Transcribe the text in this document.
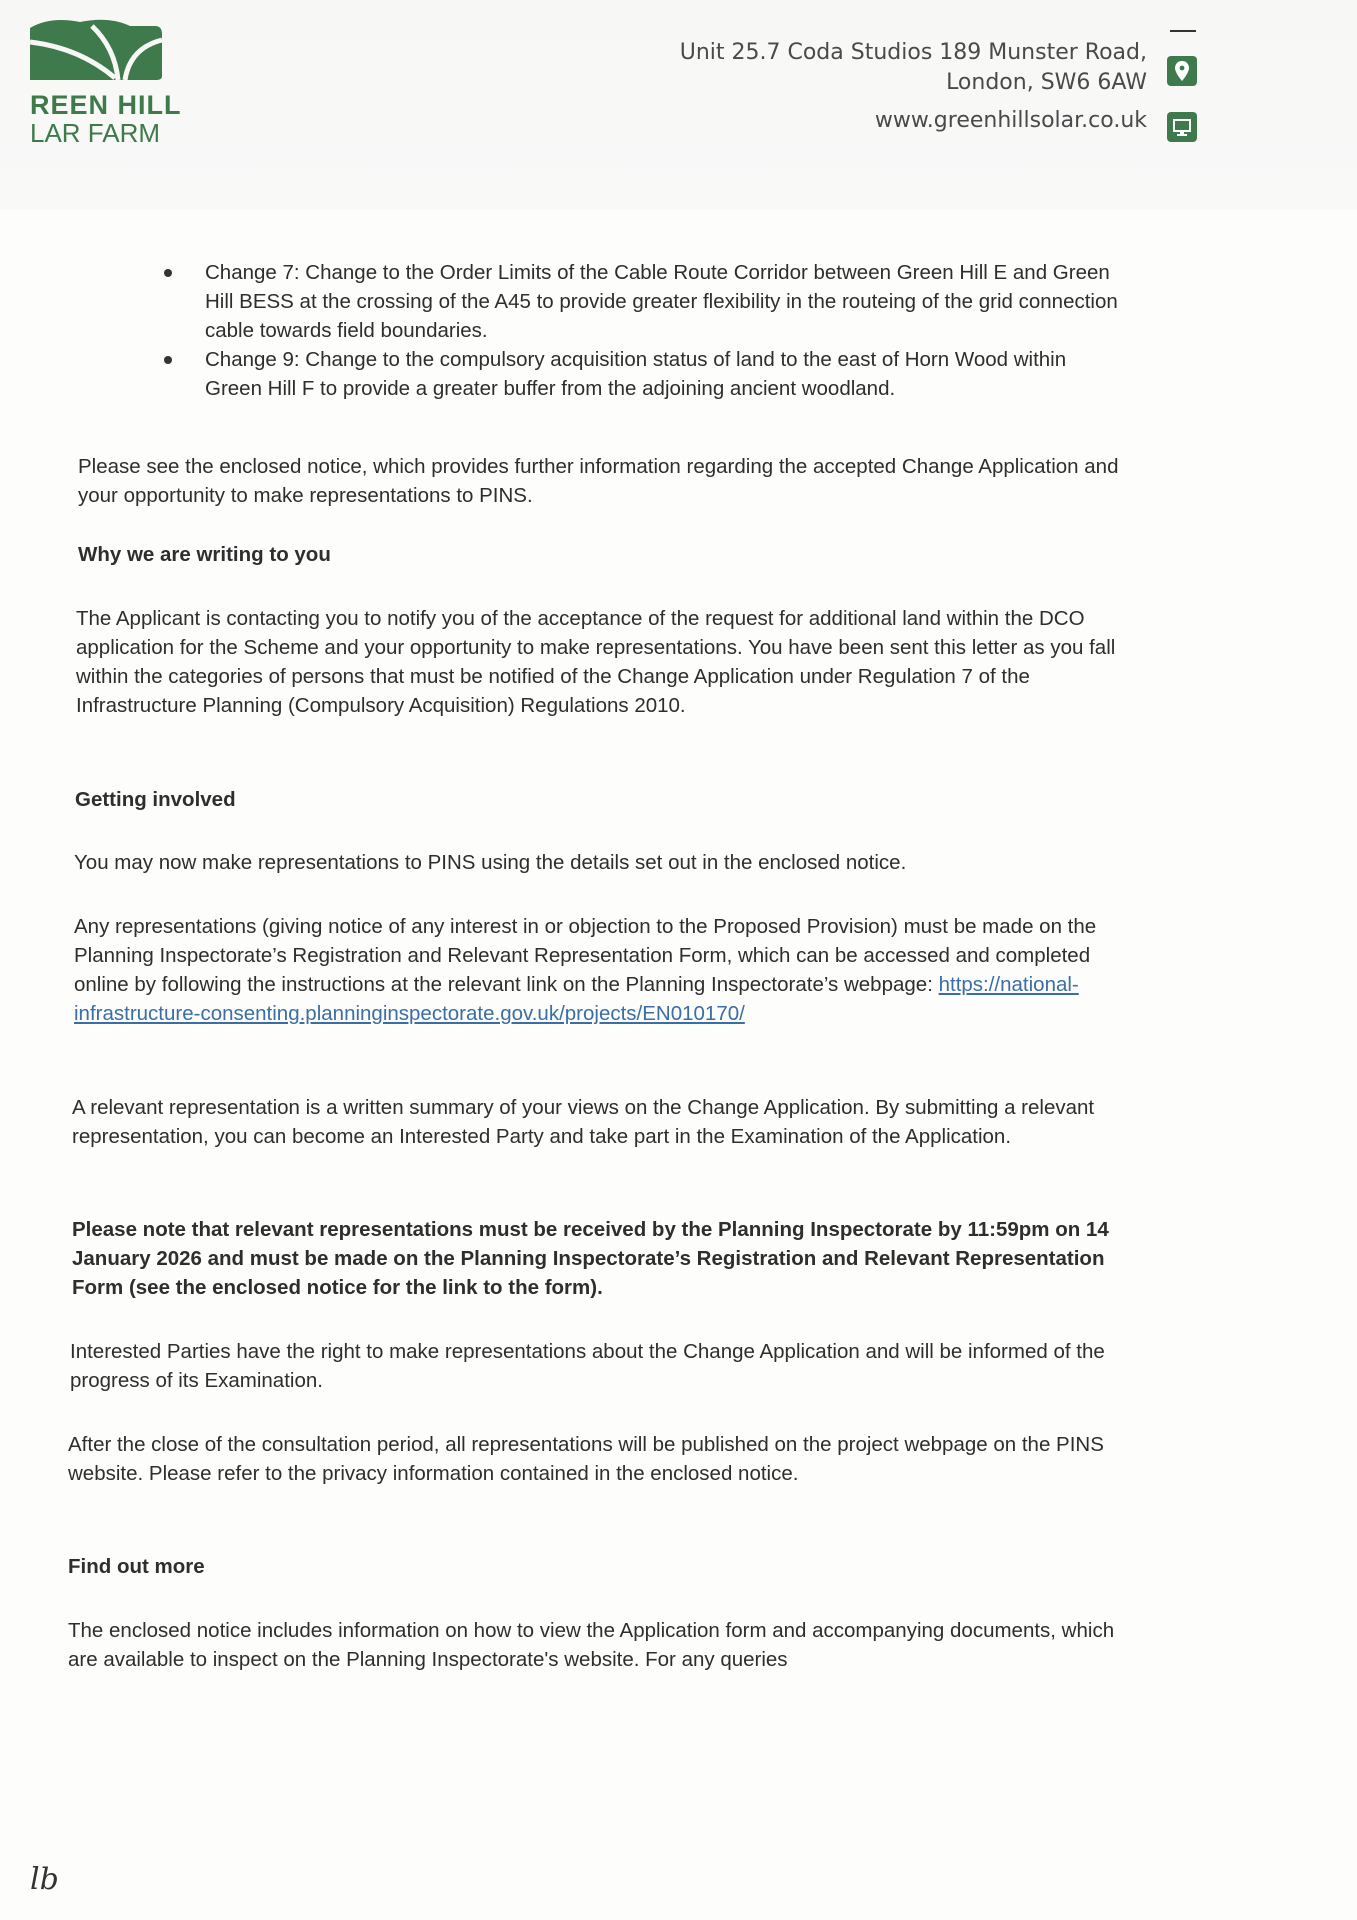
REEN HILL
LAR FARM
Unit 25.7 Coda Studios 189 Munster Road,
London, SW6 6AW
www.greenhillsolar.co.uk
Change 7: Change to the Order Limits of the Cable Route Corridor between Green Hill E and Green Hill BESS at the crossing of the A45 to provide greater flexibility in the routeing of the grid connection cable towards field boundaries.
Change 9: Change to the compulsory acquisition status of land to the east of Horn Wood within Green Hill F to provide a greater buffer from the adjoining ancient woodland.
Please see the enclosed notice, which provides further information regarding the accepted Change Application and your opportunity to make representations to PINS.
Why we are writing to you
The Applicant is contacting you to notify you of the acceptance of the request for additional land within the DCO application for the Scheme and your opportunity to make representations. You have been sent this letter as you fall within the categories of persons that must be notified of the Change Application under Regulation 7 of the Infrastructure Planning (Compulsory Acquisition) Regulations 2010.
Getting involved
You may now make representations to PINS using the details set out in the enclosed notice.
Any representations (giving notice of any interest in or objection to the Proposed Provision) must be made on the Planning Inspectorate’s Registration and Relevant Representation Form, which can be accessed and completed online by following the instructions at the relevant link on the Planning Inspectorate’s webpage: https://national-infrastructure-consenting.planninginspectorate.gov.uk/projects/EN010170/
A relevant representation is a written summary of your views on the Change Application. By submitting a relevant representation, you can become an Interested Party and take part in the Examination of the Application.
Please note that relevant representations must be received by the Planning Inspectorate by 11:59pm on 14 January 2026 and must be made on the Planning Inspectorate’s Registration and Relevant Representation Form (see the enclosed notice for the link to the form).
Interested Parties have the right to make representations about the Change Application and will be informed of the progress of its Examination.
After the close of the consultation period, all representations will be published on the project webpage on the PINS website. Please refer to the privacy information contained in the enclosed notice.
Find out more
The enclosed notice includes information on how to view the Application form and accompanying documents, which are available to inspect on the Planning Inspectorate's website. For any queries
lb
